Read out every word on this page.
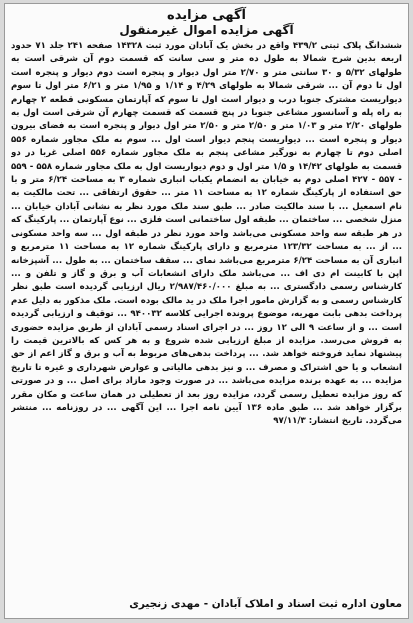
آگهی مزایده
آگهی مزایده اموال غیرمنقول

ششدانگ پلاک ثبتی ۴۳۹/۲ واقع در بخش یک آبادان مورد ثبت ۱۴۳۲۸ صفحه ۲۴۱ جلد ۷۱ حدود اربعه بدین شرح شمالا به طول ده متر و سی سانت که قسمت دوم آن شرقی است به طولهای ۵/۳۲ و ۳۰ سانتی متر و ۲/۷۰ متر اول دیوار و پنجره است دوم دیوار و پنجره است اول تا دوم آن ... شرقی شمالا به طولهای ۴/۲۹ و ۱/۱۴ و ۱/۹۵ متر و ۶/۲۱ متر اول تا سوم دیواریست مشترک جنوبا درب و دیوار است اول تا سوم که آپارتمان مسکونی قطعه ۲ چهارم به راه پله و آسانسور مشاعی جنوبا در پنج قسمت که قسمت چهارم آن شرقی است اول به طولهای ۲/۲۰ متر و ۱/۰۳ متر و ۲/۵۰ متر و ۲/۵۰ متر اول دیوار و پنجره است به فضای بیرون دیوار و پنجره است ... دیواریست پنجم دیوار است اول ... سوم به ملک مجاور شماره ۵۵۶ اصلی دوم تا چهارم به نورگیر مشاعی پنجم به ملک مجاور شماره ۵۵۶ اصلی غربا در دو قسمت به طولهای ۱۴/۴۲ و ۱/۵ متر اول و دوم دیواریست اول به ملک مجاور شماره ۵۵۸ - ۵۵۹ - ۵۵۷ - ۴۲۷ اصلی دوم به خیابان به انضمام یکباب انباری شماره ۳ به مساحت ۶/۲۴ متر و با حق استفاده از پارکینگ شماره ۱۲ به مساحت ۱۱ متر ... حقوق ارتفاقی ... تحت مالکیت به نام اسمعیل ... با سند مالکیت صادر ... طبق سند ملک مورد نظر به نشانی آبادان خیابان ... منزل شخصی ... ساختمان ... طبقه اول ساختمانی است فلزی ... نوع آپارتمان ... پارکینگ که در هر طبقه سه واحد مسکونی می‌باشد واحد مورد نظر در طبقه اول ... سه واحد مسکونی ... از ... به مساحت ۱۲۳/۳۲ مترمربع و دارای پارکینگ شماره ۱۲ به مساحت ۱۱ مترمربع و انباری آن به مساحت ۶/۲۴ مترمربع می‌باشد نمای ... سقف ساختمان ... به طول ... آشپزخانه اپن با کابینت ام دی اف ... می‌باشد ملک دارای انشعابات آب و برق و گاز و تلفن و ... کارشناس رسمی دادگستری ... به مبلغ ۲/۹۸۷/۴۶۰/۰۰۰ ریال ارزیابی گردیده است طبق نظر کارشناس رسمی و به گزارش مامور اجرا ملک در ید مالک بوده است. ملک مذکور به دلیل عدم پرداخت بدهی بابت مهریه، موضوع پرونده اجرایی کلاسه ۹۴۰۰۳۲ ... توقیف و ارزیابی گردیده است ... و از ساعت ۹ الی ۱۲ روز ... در اجرای اسناد رسمی آبادان از طریق مزایده حضوری به فروش می‌رسد. مزایده از مبلغ ارزیابی شده شروع و به هر کس که بالاترین قیمت را پیشنهاد نماید فروخته خواهد شد. ... پرداخت بدهی‌های مربوط به آب و برق و گاز اعم از حق انشعاب و یا حق اشتراک و مصرف ... و نیز بدهی مالیاتی و عوارض شهرداری و غیره تا تاریخ مزایده ... به عهده برنده مزایده می‌باشد ... در صورت وجود مازاد برای اصل ... و در صورتی که روز مزایده تعطیل رسمی گردد، مزایده روز بعد از تعطیلی در همان ساعت و مکان مقرر برگزار خواهد شد ... طبق ماده ۱۳۶ آیین نامه اجرا ... این آگهی ... در روزنامه ... منتشر می‌گردد. تاریخ انتشار: ۹۷/۱۱/۳

معاون اداره ثبت اسناد و املاک آبادان - مهدی زنجیری
